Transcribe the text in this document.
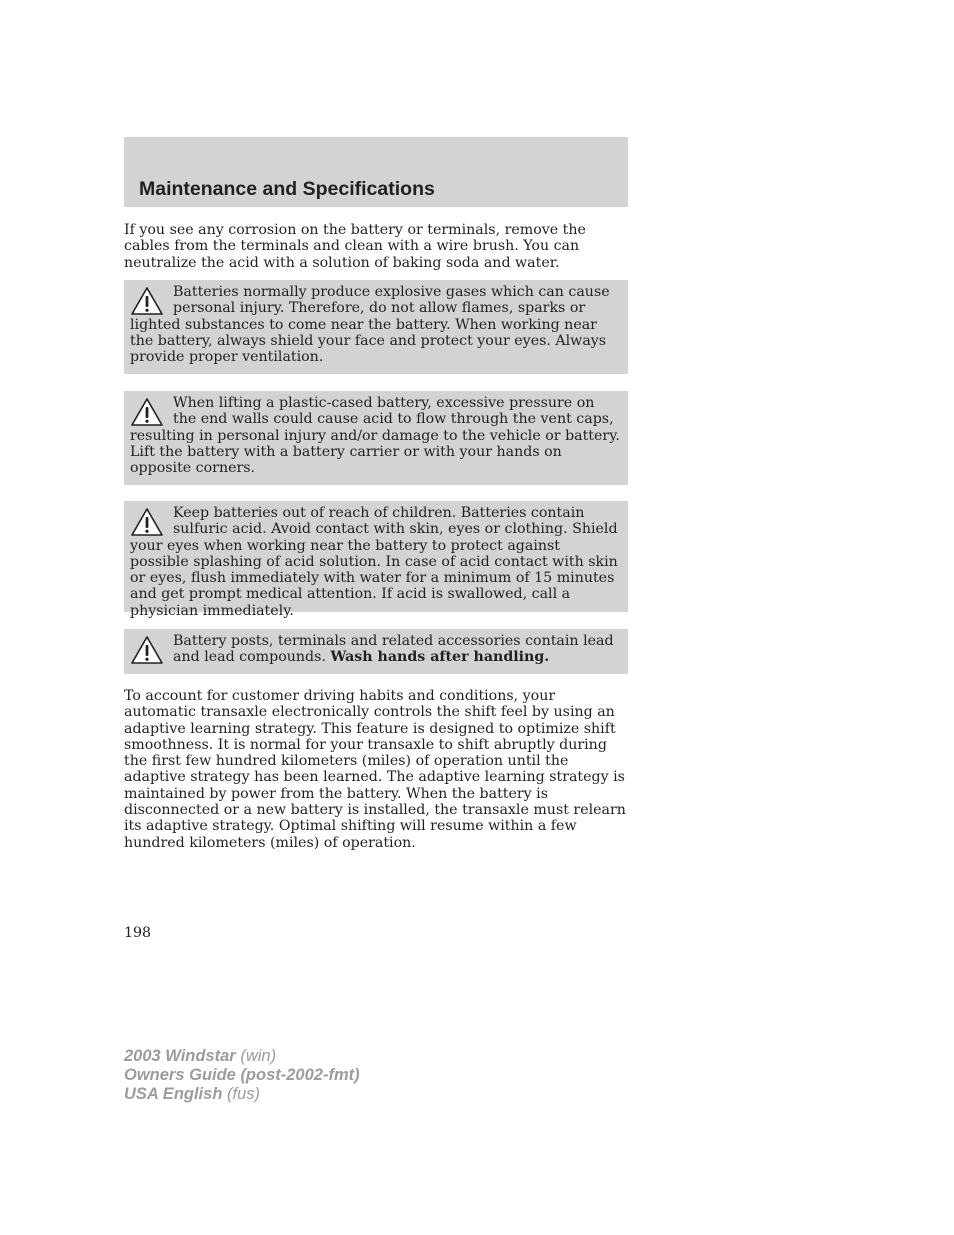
Maintenance and Specifications

If you see any corrosion on the battery or terminals, remove the cables from the terminals and clean with a wire brush. You can neutralize the acid with a solution of baking soda and water.

Batteries normally produce explosive gases which can cause personal injury. Therefore, do not allow flames, sparks or lighted substances to come near the battery. When working near the battery, always shield your face and protect your eyes. Always provide proper ventilation.

When lifting a plastic-cased battery, excessive pressure on the end walls could cause acid to flow through the vent caps, resulting in personal injury and/or damage to the vehicle or battery. Lift the battery with a battery carrier or with your hands on opposite corners.

Keep batteries out of reach of children. Batteries contain sulfuric acid. Avoid contact with skin, eyes or clothing. Shield your eyes when working near the battery to protect against possible splashing of acid solution. In case of acid contact with skin or eyes, flush immediately with water for a minimum of 15 minutes and get prompt medical attention. If acid is swallowed, call a physician immediately.

Battery posts, terminals and related accessories contain lead and lead compounds. Wash hands after handling.

To account for customer driving habits and conditions, your automatic transaxle electronically controls the shift feel by using an adaptive learning strategy. This feature is designed to optimize shift smoothness. It is normal for your transaxle to shift abruptly during the first few hundred kilometers (miles) of operation until the adaptive strategy has been learned. The adaptive learning strategy is maintained by power from the battery. When the battery is disconnected or a new battery is installed, the transaxle must relearn its adaptive strategy. Optimal shifting will resume within a few hundred kilometers (miles) of operation.

198

2003 Windstar (win)
Owners Guide (post-2002-fmt)
USA English (fus)
